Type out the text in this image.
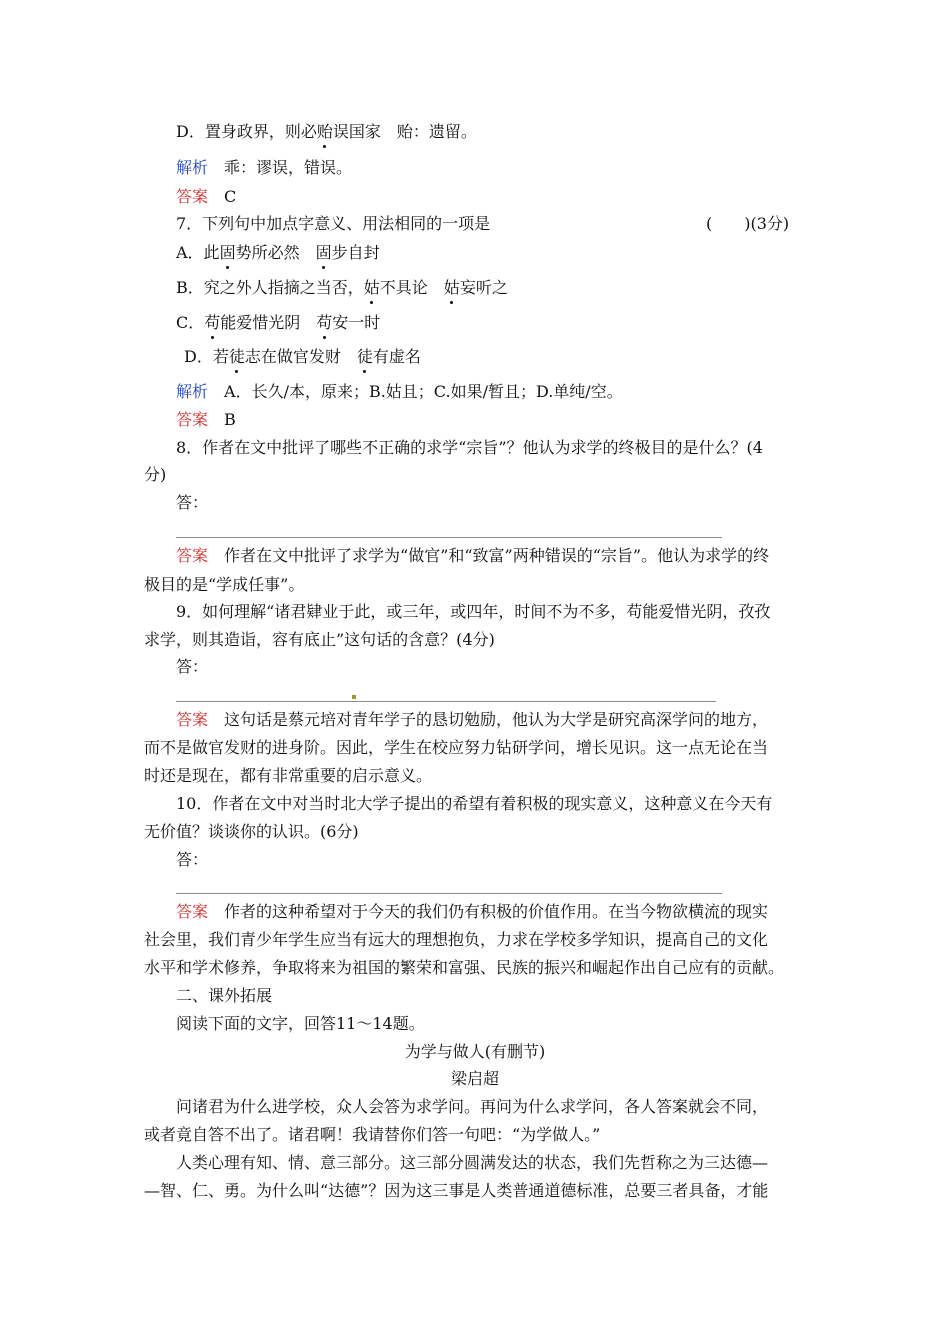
D．置身政界，则必贻误国家　贻：遗留。
解析　乖：谬误，错误。
答案　C
7．下列句中加点字意义、用法相同的一项是	(　　)(3分)
A．此固势所必然　固步自封
B．究之外人指摘之当否，姑不具论　姑妄听之
C．苟能爱惜光阴　苟安一时
D．若徒志在做官发财　徒有虚名
解析　A．长久/本，原来；B.姑且；C.如果/暂且；D.单纯/空。
答案　B
8．作者在文中批评了哪些不正确的求学“宗旨”？他认为求学的终极目的是什么？(4
分)
答：
答案　作者在文中批评了求学为“做官”和“致富”两种错误的“宗旨”。他认为求学的终
极目的是“学成任事”。
9．如何理解“诸君肄业于此，或三年，或四年，时间不为不多，苟能爱惜光阴，孜孜
求学，则其造诣，容有底止”这句话的含意？(4分)
答：
答案　这句话是蔡元培对青年学子的恳切勉励，他认为大学是研究高深学问的地方，
而不是做官发财的进身阶。因此，学生在校应努力钻研学问，增长见识。这一点无论在当
时还是现在，都有非常重要的启示意义。
10．作者在文中对当时北大学子提出的希望有着积极的现实意义，这种意义在今天有
无价值？谈谈你的认识。(6分)
答：
答案　作者的这种希望对于今天的我们仍有积极的价值作用。在当今物欲横流的现实
社会里，我们青少年学生应当有远大的理想抱负，力求在学校多学知识，提高自己的文化
水平和学术修养，争取将来为祖国的繁荣和富强、民族的振兴和崛起作出自己应有的贡献。
二、课外拓展
阅读下面的文字，回答11～14题。
为学与做人(有删节)
梁启超
问诸君为什么进学校，众人会答为求学问。再问为什么求学问，各人答案就会不同，
或者竟自答不出了。诸君啊！我请替你们答一句吧：“为学做人。”
人类心理有知、情、意三部分。这三部分圆满发达的状态，我们先哲称之为三达德—
—智、仁、勇。为什么叫“达德”？因为这三事是人类普通道德标准，总要三者具备，才能
